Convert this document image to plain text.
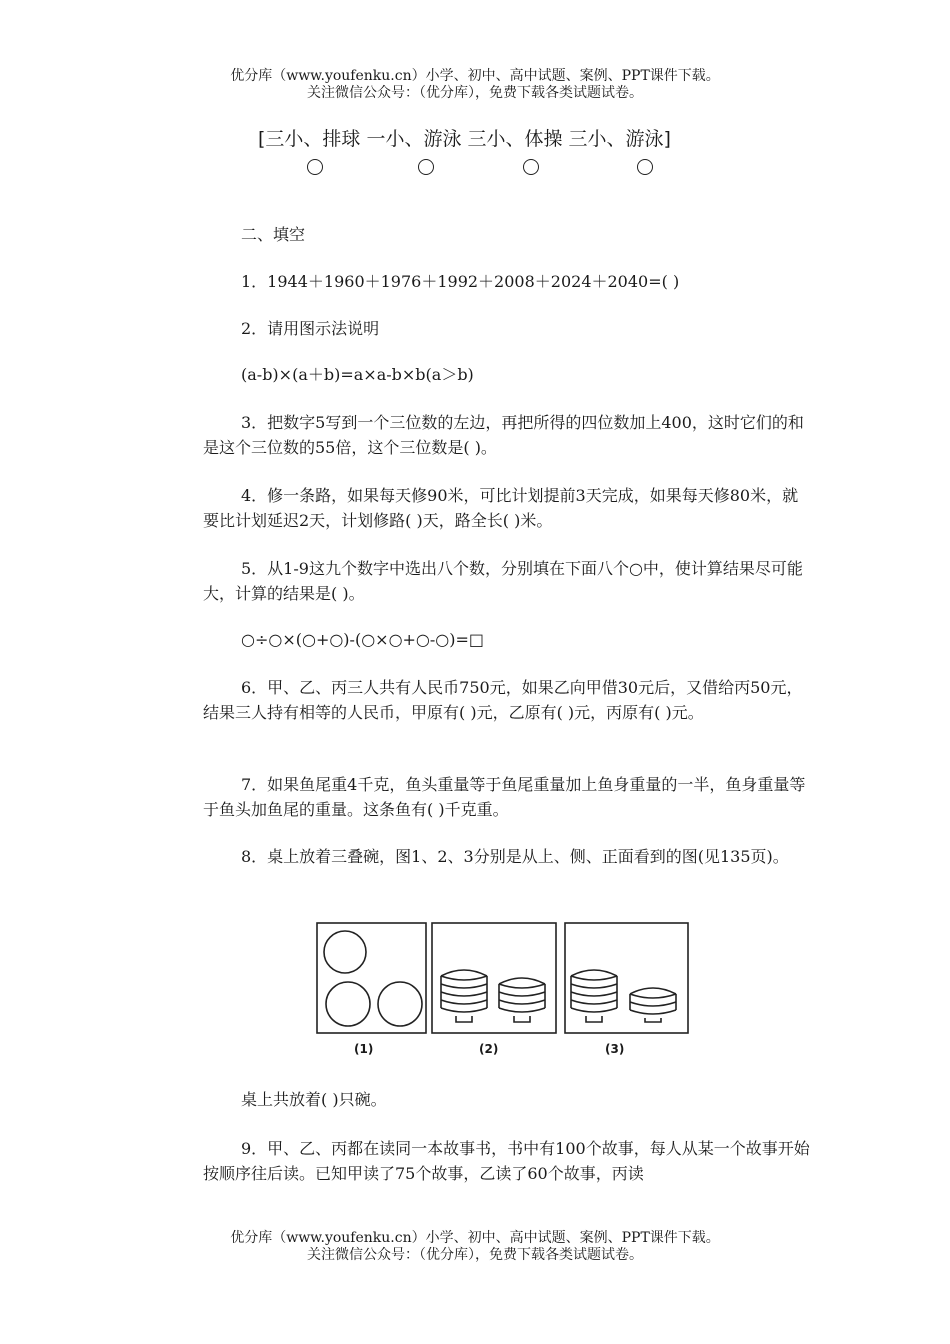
优分库（www.youfenku.cn）小学、初中、高中试题、案例、PPT课件下载。
关注微信公众号：（优分库），免费下载各类试题试卷。
[三小、排球 一小、游泳 三小、体操 三小、游泳]
二、填空
1．1944＋1960＋1976＋1992＋2008＋2024＋2040=( )
2．请用图示法说明
(a-b)×(a＋b)=a×a-b×b(a＞b)
3．把数字5写到一个三位数的左边，再把所得的四位数加上400，这时它们的和是这个三位数的55倍，这个三位数是( )。
4．修一条路，如果每天修90米，可比计划提前3天完成，如果每天修80米，就要比计划延迟2天，计划修路( )天，路全长( )米。
5．从1-9这九个数字中选出八个数，分别填在下面八个○中，使计算结果尽可能大，计算的结果是( )。
○÷○×(○+○)-(○×○+○-○)=□
6．甲、乙、丙三人共有人民币750元，如果乙向甲借30元后，又借给丙50元，结果三人持有相等的人民币，甲原有( )元，乙原有( )元，丙原有( )元。
7．如果鱼尾重4千克，鱼头重量等于鱼尾重量加上鱼身重量的一半，鱼身重量等于鱼头加鱼尾的重量。这条鱼有( )千克重。
8．桌上放着三叠碗，图1、2、3分别是从上、侧、正面看到的图(见135页)。
(1)	(2)	(3)
桌上共放着( )只碗。
9．甲、乙、丙都在读同一本故事书，书中有100个故事，每人从某一个故事开始按顺序往后读。已知甲读了75个故事，乙读了60个故事，丙读
优分库（www.youfenku.cn）小学、初中、高中试题、案例、PPT课件下载。
关注微信公众号：（优分库），免费下载各类试题试卷。
